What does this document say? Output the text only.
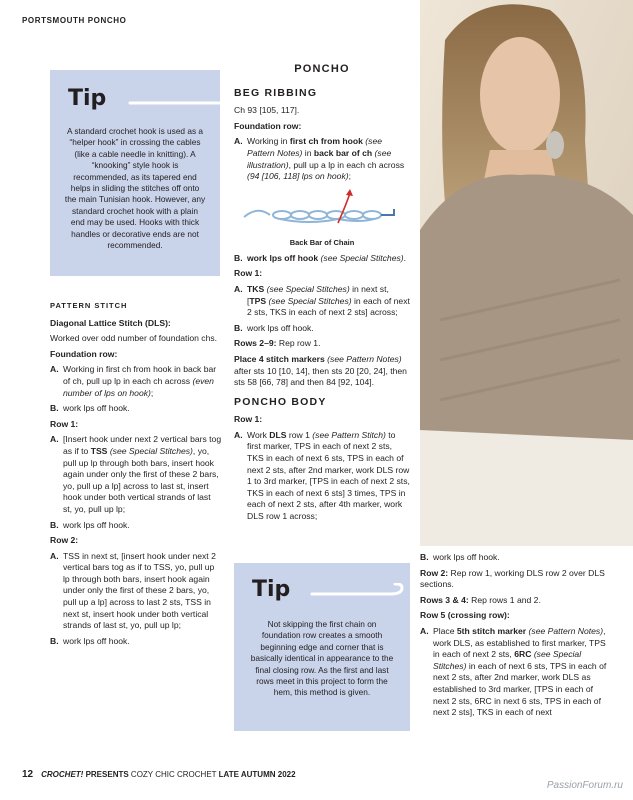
PORTSMOUTH PONCHO
Tip
A standard crochet hook is used as a “helper hook” in crossing the cables (like a cable needle in knitting). A “knooking” style hook is recommended, as its tapered end helps in sliding the stitches off onto the main Tunisian hook. However, any standard crochet hook with a plain end may be used. Hooks with thick handles or decorative ends are not recommended.
PATTERN STITCH

Diagonal Lattice Stitch (DLS):

Worked over odd number of foundation chs.

Foundation row:

A. Working in first ch from hook in back bar of ch, pull up lp in each ch across (even number of lps on hook);
B. work lps off hook.

Row 1:

A. [Insert hook under next 2 vertical bars tog as if to TSS (see Special Stitches), yo, pull up lp through both bars, insert hook again under only the first of these 2 bars, yo, pull up a lp] across to last st, insert hook under both vertical strands of last st, yo, pull up lp;
B. work lps off hook.

Row 2:

A. TSS in next st, [insert hook under next 2 vertical bars tog as if to TSS, yo, pull up lp through both bars, insert hook again under only the first of these 2 bars, yo, pull up a lp] across to last 2 sts, TSS in next st, insert hook under both vertical strands of last st, yo, pull up lp;
B. work lps off hook.
PONCHO
BEG RIBBING

Ch 93 [105, 117].

Foundation row:

A. Working in first ch from hook (see Pattern Notes) in back bar of ch (see illustration), pull up a lp in each ch across (94 [106, 118] lps on hook);
Back Bar of Chain
B. work lps off hook (see Special Stitches).

Row 1:

A. TKS (see Special Stitches) in next st, [TPS (see Special Stitches) in each of next 2 sts, TKS in each of next 2 sts] across;
B. work lps off hook.

Rows 2–9: Rep row 1.

Place 4 stitch markers (see Pattern Notes) after sts 10 [10, 14], then sts 20 [20, 24], then sts 58 [66, 78] and then 84 [92, 104].

PONCHO BODY

Row 1:

A. Work DLS row 1 (see Pattern Stitch) to first marker, TPS in each of next 2 sts, TKS in each of next 6 sts, TPS in each of next 2 sts, after 2nd marker, work DLS row 1 to 3rd marker, [TPS in each of next 2 sts, TKS in each of next 6 sts] 3 times, TPS in each of next 2 sts, after 4th marker, work DLS row 1 across;
Tip
Not skipping the first chain on foundation row creates a smooth beginning edge and corner that is basically identical in appearance to the final closing row. As the first and last rows meet in this project to form the hem, this method is given.
B. work lps off hook.

Row 2: Rep row 1, working DLS row 2 over DLS sections.

Rows 3 & 4: Rep rows 1 and 2.

Row 5 (crossing row):

A. Place 5th stitch marker (see Pattern Notes), work DLS, as established to first marker, TPS in each of next 2 sts, 6RC (see Special Stitches) in each of next 6 sts, TPS in each of next 2 sts, after 2nd marker, work DLS as established to 3rd marker, [TPS in each of next 2 sts, 6RC in next 6 sts, TPS in each of next 2 sts], TKS in each of next
12 CROCHET! PRESENTS COZY CHIC CROCHET LATE AUTUMN 2022
PassionForum.ru
